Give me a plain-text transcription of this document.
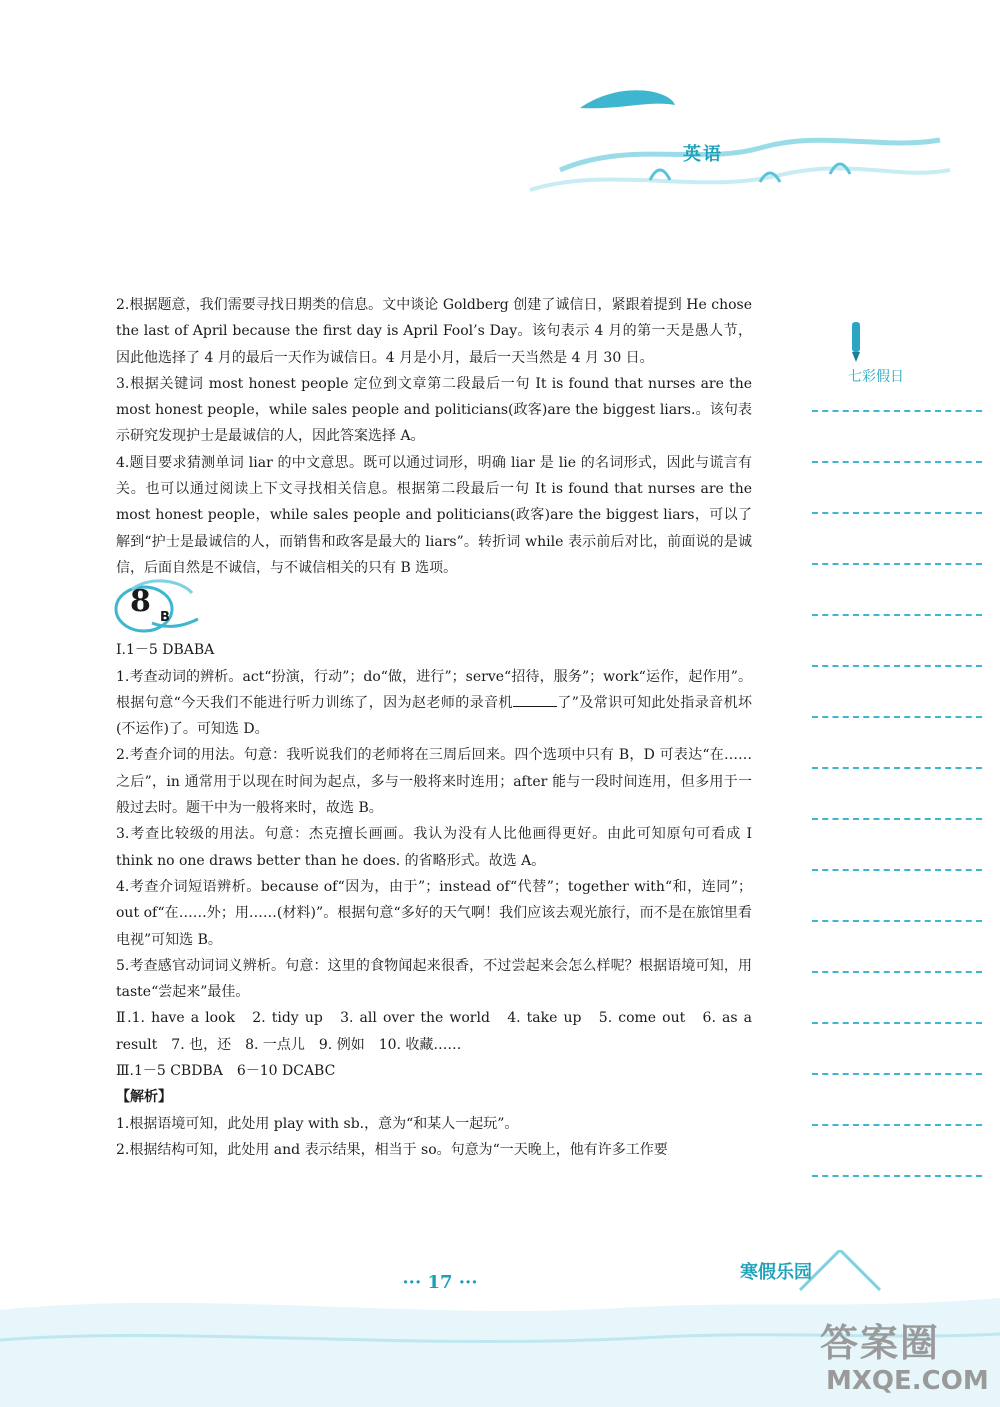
英语
七彩假日

2.根据题意，我们需要寻找日期类的信息。文中谈论 Goldberg 创建了诚信日，紧跟着提到 He chose the last of April because the first day is April Fool’s Day。该句表示 4 月的第一天是愚人节，因此他选择了 4 月的最后一天作为诚信日。4 月是小月，最后一天当然是 4 月 30 日。

3.根据关键词 most honest people 定位到文章第二段最后一句 It is found that nurses are the most honest people，while sales people and politicians(政客)are the biggest liars.。该句表示研究发现护士是最诚信的人，因此答案选择 A。

4.题目要求猜测单词 liar 的中文意思。既可以通过词形，明确 liar 是 lie 的名词形式，因此与谎言有关。也可以通过阅读上下文寻找相关信息。根据第二段最后一句 It is found that nurses are the most honest people，while sales people and politicians(政客)are the biggest liars，可以了解到“护士是最诚信的人，而销售和政客是最大的 liars”。转折词 while 表示前后对比，前面说的是诚信，后面自然是不诚信，与不诚信相关的只有 B 选项。

8 B

Ⅰ.1－5 DBABA

1.考查动词的辨析。act“扮演，行动”；do“做，进行”；serve“招待，服务”；work“运作，起作用”。根据句意“今天我们不能进行听力训练了，因为赵老师的录音机	了”及常识可知此处指录音机坏(不运作)了。可知选 D。

2.考查介词的用法。句意：我听说我们的老师将在三周后回来。四个选项中只有 B，D 可表达“在……之后”，in 通常用于以现在时间为起点，多与一般将来时连用；after 能与一段时间连用，但多用于一般过去时。题干中为一般将来时，故选 B。

3.考查比较级的用法。句意：杰克擅长画画。我认为没有人比他画得更好。由此可知原句可看成 I think no one draws better than he does. 的省略形式。故选 A。

4.考查介词短语辨析。because of“因为，由于”；instead of“代替”；together with“和，连同”；out of“在……外；用……(材料)”。根据句意“多好的天气啊！我们应该去观光旅行，而不是在旅馆里看电视”可知选 B。

5.考查感官动词词义辨析。句意：这里的食物闻起来很香，不过尝起来会怎么样呢？根据语境可知，用 taste“尝起来”最佳。

Ⅱ.1. have a look　2. tidy up　3. all over the world　4. take up　5. come out　6. as a result　7. 也，还　8. 一点儿　9. 例如　10. 收藏……

Ⅲ.1－5 CBDBA　6－10 DCABC

【解析】

1.根据语境可知，此处用 play with sb.，意为“和某人一起玩”。

2.根据结构可知，此处用 and 表示结果，相当于 so。句意为“一天晚上，他有许多工作要

··· 17 ···	寒假乐园
答案圈
MXQE.COM
